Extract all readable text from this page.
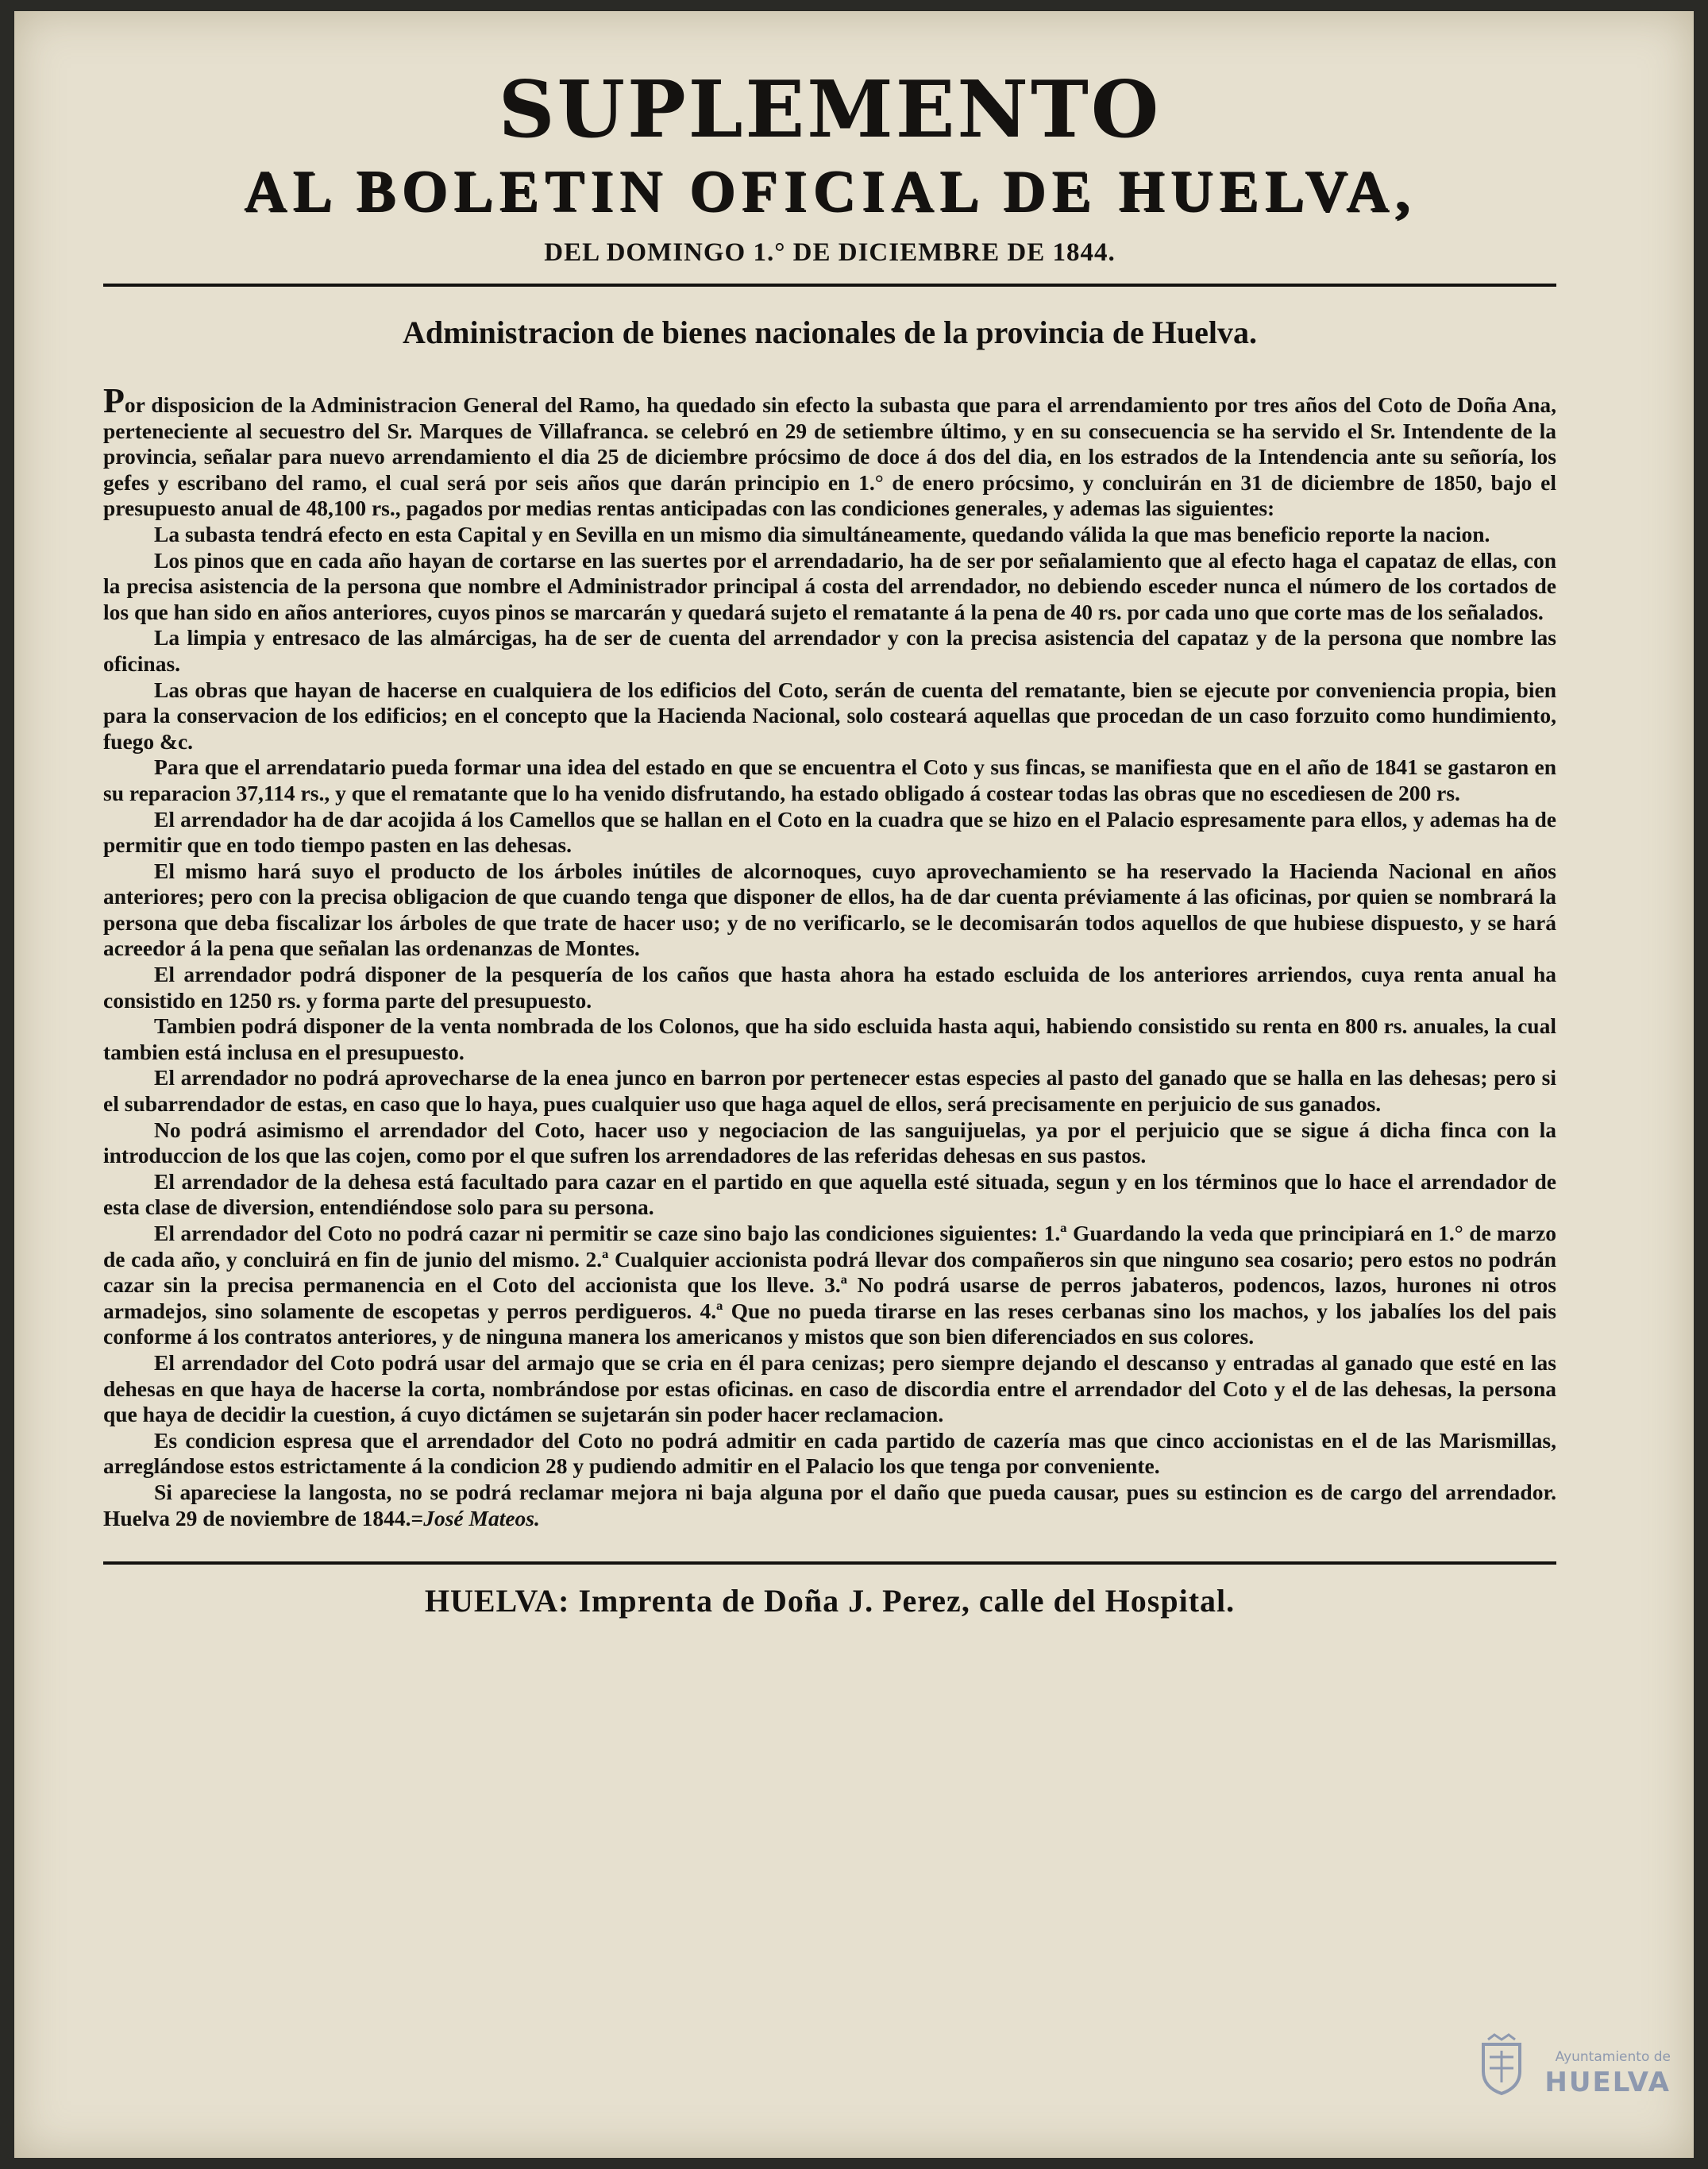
SUPLEMENTO
AL BOLETIN OFICIAL DE HUELVA,
DEL DOMINGO 1.° DE DICIEMBRE DE 1844.
Administracion de bienes nacionales de la provincia de Huelva.

Por disposicion de la Administracion General del Ramo, ha quedado sin efecto la subasta que para el arrendamiento por tres años del Coto de Doña Ana, perteneciente al secuestro del Sr. Marques de Villafranca. se celebró en 29 de setiembre último, y en su consecuencia se ha servido el Sr. Intendente de la provincia, señalar para nuevo arrendamiento el dia 25 de diciembre prócsimo de doce á dos del dia, en los estrados de la Intendencia ante su señoría, los gefes y escribano del ramo, el cual será por seis años que darán principio en 1.° de enero prócsimo, y concluirán en 31 de diciembre de 1850, bajo el presupuesto anual de 48,100 rs., pagados por medias rentas anticipadas con las condiciones generales, y ademas las siguientes:

La subasta tendrá efecto en esta Capital y en Sevilla en un mismo dia simultáneamente, quedando válida la que mas beneficio reporte la nacion.

Los pinos que en cada año hayan de cortarse en las suertes por el arrendadario, ha de ser por señalamiento que al efecto haga el capataz de ellas, con la precisa asistencia de la persona que nombre el Administrador principal á costa del arrendador, no debiendo esceder nunca el número de los cortados de los que han sido en años anteriores, cuyos pinos se marcarán y quedará sujeto el rematante á la pena de 40 rs. por cada uno que corte mas de los señalados.

La limpia y entresaco de las almárcigas, ha de ser de cuenta del arrendador y con la precisa asistencia del capataz y de la persona que nombre las oficinas.

Las obras que hayan de hacerse en cualquiera de los edificios del Coto, serán de cuenta del rematante, bien se ejecute por conveniencia propia, bien para la conservacion de los edificios; en el concepto que la Hacienda Nacional, solo costeará aquellas que procedan de un caso forzuito como hundimiento, fuego &c.

Para que el arrendatario pueda formar una idea del estado en que se encuentra el Coto y sus fincas, se manifiesta que en el año de 1841 se gastaron en su reparacion 37,114 rs., y que el rematante que lo ha venido disfrutando, ha estado obligado á costear todas las obras que no escediesen de 200 rs.

El arrendador ha de dar acojida á los Camellos que se hallan en el Coto en la cuadra que se hizo en el Palacio espresamente para ellos, y ademas ha de permitir que en todo tiempo pasten en las dehesas.

El mismo hará suyo el producto de los árboles inútiles de alcornoques, cuyo aprovechamiento se ha reservado la Hacienda Nacional en años anteriores; pero con la precisa obligacion de que cuando tenga que disponer de ellos, ha de dar cuenta préviamente á las oficinas, por quien se nombrará la persona que deba fiscalizar los árboles de que trate de hacer uso; y de no verificarlo, se le decomisarán todos aquellos de que hubiese dispuesto, y se hará acreedor á la pena que señalan las ordenanzas de Montes.

El arrendador podrá disponer de la pesquería de los caños que hasta ahora ha estado escluida de los anteriores arriendos, cuya renta anual ha consistido en 1250 rs. y forma parte del presupuesto.

Tambien podrá disponer de la venta nombrada de los Colonos, que ha sido escluida hasta aqui, habiendo consistido su renta en 800 rs. anuales, la cual tambien está inclusa en el presupuesto.

El arrendador no podrá aprovecharse de la enea junco en barron por pertenecer estas especies al pasto del ganado que se halla en las dehesas; pero si el subarrendador de estas, en caso que lo haya, pues cualquier uso que haga aquel de ellos, será precisamente en perjuicio de sus ganados.

No podrá asimismo el arrendador del Coto, hacer uso y negociacion de las sanguijuelas, ya por el perjuicio que se sigue á dicha finca con la introduccion de los que las cojen, como por el que sufren los arrendadores de las referidas dehesas en sus pastos.

El arrendador de la dehesa está facultado para cazar en el partido en que aquella esté situada, segun y en los términos que lo hace el arrendador de esta clase de diversion, entendiéndose solo para su persona.

El arrendador del Coto no podrá cazar ni permitir se caze sino bajo las condiciones siguientes: 1.ª Guardando la veda que principiará en 1.° de marzo de cada año, y concluirá en fin de junio del mismo. 2.ª Cualquier accionista podrá llevar dos compañeros sin que ninguno sea cosario; pero estos no podrán cazar sin la precisa permanencia en el Coto del accionista que los lleve. 3.ª No podrá usarse de perros jabateros, podencos, lazos, hurones ni otros armadejos, sino solamente de escopetas y perros perdigueros. 4.ª Que no pueda tirarse en las reses cerbanas sino los machos, y los jabalíes los del pais conforme á los contratos anteriores, y de ninguna manera los americanos y mistos que son bien diferenciados en sus colores.

El arrendador del Coto podrá usar del armajo que se cria en él para cenizas; pero siempre dejando el descanso y entradas al ganado que esté en las dehesas en que haya de hacerse la corta, nombrándose por estas oficinas. en caso de discordia entre el arrendador del Coto y el de las dehesas, la persona que haya de decidir la cuestion, á cuyo dictámen se sujetarán sin poder hacer reclamacion.

Es condicion espresa que el arrendador del Coto no podrá admitir en cada partido de cazería mas que cinco accionistas en el de las Marismillas, arreglándose estos estrictamente á la condicion 28 y pudiendo admitir en el Palacio los que tenga por conveniente.

Si apareciese la langosta, no se podrá reclamar mejora ni baja alguna por el daño que pueda causar, pues su estincion es de cargo del arrendador. Huelva 29 de noviembre de 1844.=José Mateos.

HUELVA: Imprenta de Doña J. Perez, calle del Hospital.
Ayuntamiento de
HUELVA
